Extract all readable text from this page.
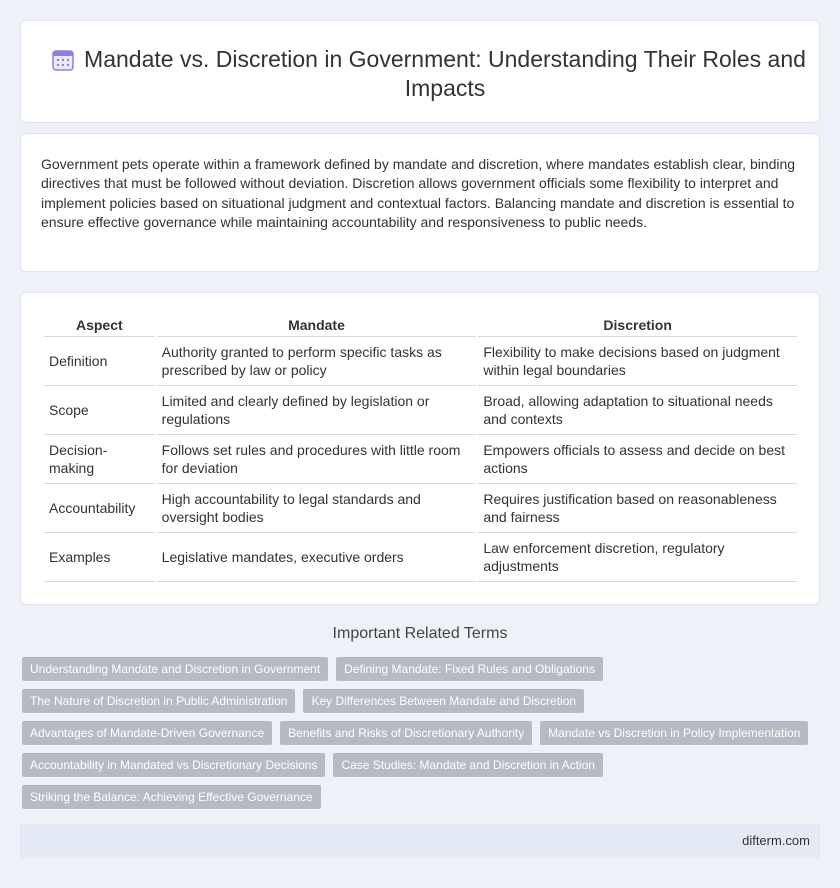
Mandate vs. Discretion in Government: Understanding Their Roles and Impacts

Government pets operate within a framework defined by mandate and discretion, where mandates establish clear, binding directives that must be followed without deviation. Discretion allows government officials some flexibility to interpret and implement policies based on situational judgment and contextual factors. Balancing mandate and discretion is essential to ensure effective governance while maintaining accountability and responsiveness to public needs.

Aspect	Mandate	Discretion
Definition	Authority granted to perform specific tasks as prescribed by law or policy	Flexibility to make decisions based on judgment within legal boundaries
Scope	Limited and clearly defined by legislation or regulations	Broad, allowing adaptation to situational needs and contexts
Decision-making	Follows set rules and procedures with little room for deviation	Empowers officials to assess and decide on best actions
Accountability	High accountability to legal standards and oversight bodies	Requires justification based on reasonableness and fairness
Examples	Legislative mandates, executive orders	Law enforcement discretion, regulatory adjustments
Important Related Terms
Understanding Mandate and Discretion in Government	Defining Mandate: Fixed Rules and Obligations
The Nature of Discretion in Public Administration	Key Differences Between Mandate and Discretion
Advantages of Mandate-Driven Governance	Benefits and Risks of Discretionary Authority	Mandate vs Discretion in Policy Implementation
Accountability in Mandated vs Discretionary Decisions	Case Studies: Mandate and Discretion in Action
Striking the Balance: Achieving Effective Governance
difterm.com
